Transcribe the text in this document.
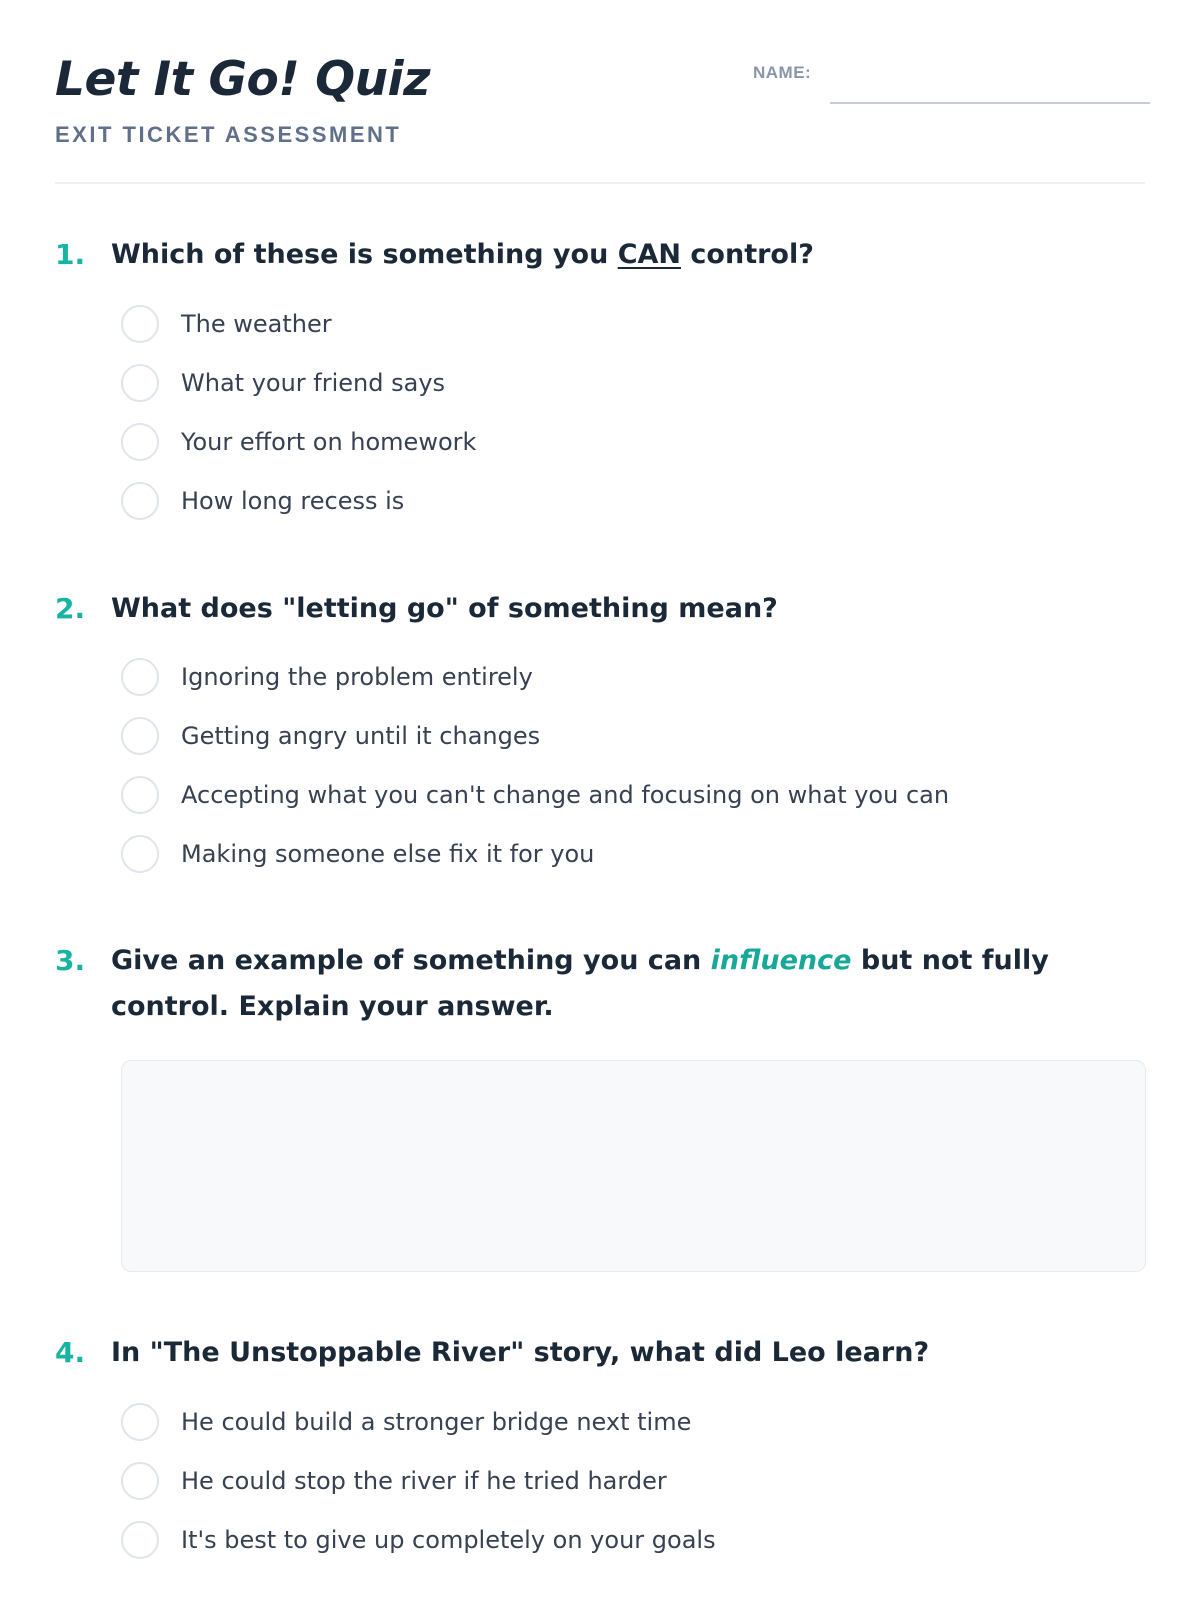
Let It Go! Quiz
EXIT TICKET ASSESSMENT
NAME:
1. Which of these is something you CAN control?
The weather
What your friend says
Your effort on homework
How long recess is
2. What does "letting go" of something mean?
Ignoring the problem entirely
Getting angry until it changes
Accepting what you can't change and focusing on what you can
Making someone else fix it for you
3. Give an example of something you can influence but not fully control. Explain your answer.
4. In "The Unstoppable River" story, what did Leo learn?
He could build a stronger bridge next time
He could stop the river if he tried harder
It's best to give up completely on your goals
